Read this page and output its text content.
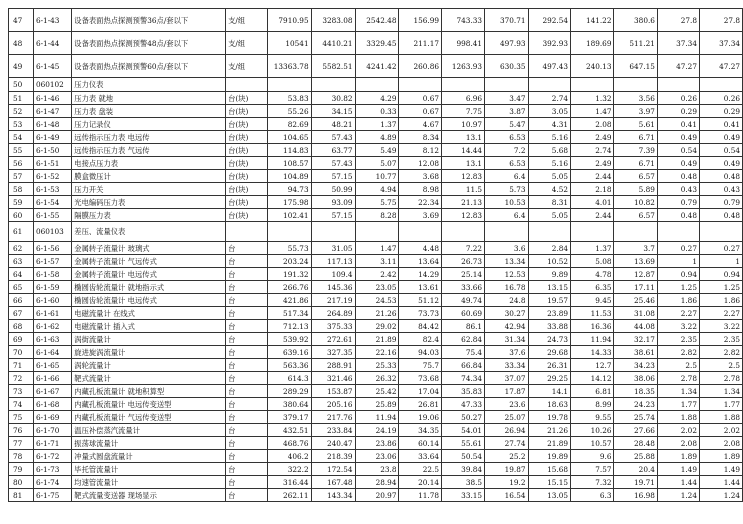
47	6-1-43	设备表面热点探测预警36点/套以下	支/组	7910.95	3283.08	2542.48	156.99	743.33	370.71	292.54	141.22	380.6	27.8	27.8
48	6-1-44	设备表面热点探测预警48点/套以下	支/组	10541	4410.21	3329.45	211.17	998.41	497.93	392.93	189.69	511.21	37.34	37.34
49	6-1-45	设备表面热点探测预警60点/套以下	支/组	13363.78	5582.51	4241.42	260.86	1263.93	630.35	497.43	240.13	647.15	47.27	47.27
50	060102	压力仪表												
51	6-1-46	压力表 就地	台(块)	53.83	30.82	4.29	0.67	6.96	3.47	2.74	1.32	3.56	0.26	0.26
52	6-1-47	压力表 盘装	台(块)	55.26	34.15	0.33	0.67	7.75	3.87	3.05	1.47	3.97	0.29	0.29
53	6-1-48	压力记录仪	台(块)	82.69	48.21	1.37	4.67	10.97	5.47	4.31	2.08	5.61	0.41	0.41
54	6-1-49	远传指示压力表 电远传	台(块)	104.65	57.43	4.89	8.34	13.1	6.53	5.16	2.49	6.71	0.49	0.49
55	6-1-50	远传指示压力表 气远传	台(块)	114.83	63.77	5.49	8.12	14.44	7.2	5.68	2.74	7.39	0.54	0.54
56	6-1-51	电接点压力表	台(块)	108.57	57.43	5.07	12.08	13.1	6.53	5.16	2.49	6.71	0.49	0.49
57	6-1-52	膜盒微压计	台(块)	104.89	57.15	10.77	3.68	12.83	6.4	5.05	2.44	6.57	0.48	0.48
58	6-1-53	压力开关	台(块)	94.73	50.99	4.94	8.98	11.5	5.73	4.52	2.18	5.89	0.43	0.43
59	6-1-54	光电编码压力表	台(块)	175.98	93.09	5.75	22.34	21.13	10.53	8.31	4.01	10.82	0.79	0.79
60	6-1-55	隔膜压力表	台(块)	102.41	57.15	8.28	3.69	12.83	6.4	5.05	2.44	6.57	0.48	0.48
61	060103	差压、流量仪表												
62	6-1-56	金属转子流量计 玻璃式	台	55.73	31.05	1.47	4.48	7.22	3.6	2.84	1.37	3.7	0.27	0.27
63	6-1-57	金属转子流量计 气远传式	台	203.24	117.13	3.11	13.64	26.73	13.34	10.52	5.08	13.69	1	1
64	6-1-58	金属转子流量计 电远传式	台	191.32	109.4	2.42	14.29	25.14	12.53	9.89	4.78	12.87	0.94	0.94
65	6-1-59	椭圆齿轮流量计 就地指示式	台	266.76	145.36	23.05	13.61	33.66	16.78	13.15	6.35	17.11	1.25	1.25
66	6-1-60	椭圆齿轮流量计 电远传式	台	421.86	217.19	24.53	51.12	49.74	24.8	19.57	9.45	25.46	1.86	1.86
67	6-1-61	电磁流量计 在线式	台	517.34	264.89	21.26	73.73	60.69	30.27	23.89	11.53	31.08	2.27	2.27
68	6-1-62	电磁流量计 插入式	台	712.13	375.33	29.02	84.42	86.1	42.94	33.88	16.36	44.08	3.22	3.22
69	6-1-63	涡街流量计	台	539.92	272.61	21.89	82.4	62.84	31.34	24.73	11.94	32.17	2.35	2.35
70	6-1-64	旋进旋涡流量计	台	639.16	327.35	22.16	94.03	75.4	37.6	29.68	14.33	38.61	2.82	2.82
71	6-1-65	涡轮流量计	台	563.36	288.91	25.33	75.7	66.84	33.34	26.31	12.7	34.23	2.5	2.5
72	6-1-66	靶式流量计	台	614.3	321.46	26.32	73.68	74.34	37.07	29.25	14.12	38.06	2.78	2.78
73	6-1-67	内藏孔板流量计 就地积算型	台	289.29	153.87	25.42	17.04	35.83	17.87	14.1	6.81	18.35	1.34	1.34
74	6-1-68	内藏孔板流量计 电远传变送型	台	380.64	205.16	25.89	26.81	47.33	23.6	18.63	8.99	24.23	1.77	1.77
75	6-1-69	内藏孔板流量计 气远传变送型	台	379.17	217.76	11.94	19.06	50.27	25.07	19.78	9.55	25.74	1.88	1.88
76	6-1-70	温压补偿蒸汽流量计	台	432.51	233.84	24.19	34.35	54.01	26.94	21.26	10.26	27.66	2.02	2.02
77	6-1-71	振荡球流量计	台	468.76	240.47	23.86	60.14	55.61	27.74	21.89	10.57	28.48	2.08	2.08
78	6-1-72	冲量式圆盘流量计	台	406.2	218.39	23.06	33.64	50.54	25.2	19.89	9.6	25.88	1.89	1.89
79	6-1-73	毕托管流量计	台	322.2	172.54	23.8	22.5	39.84	19.87	15.68	7.57	20.4	1.49	1.49
80	6-1-74	均速管流量计	台	316.44	167.48	28.94	20.14	38.5	19.2	15.15	7.32	19.71	1.44	1.44
81	6-1-75	靶式流量变送器 现场显示	台	262.11	143.34	20.97	11.78	33.15	16.54	13.05	6.3	16.98	1.24	1.24
